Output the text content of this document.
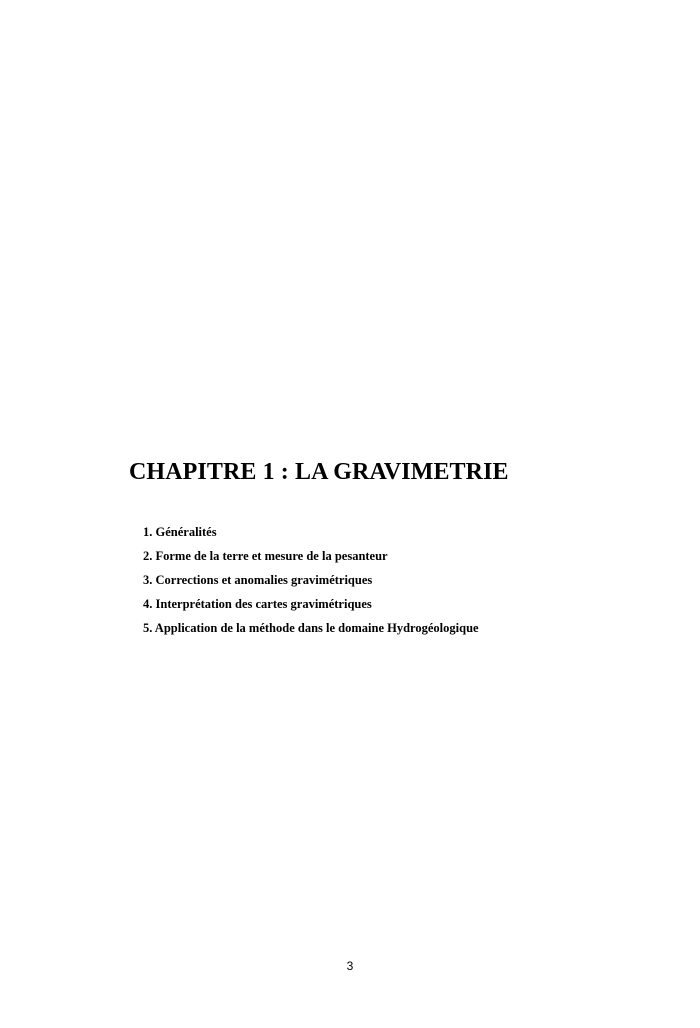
CHAPITRE 1 : LA GRAVIMETRIE
1. Généralités
2. Forme de la terre et mesure de la pesanteur
3. Corrections et anomalies gravimétriques
4. Interprétation des cartes gravimétriques
5. Application de la méthode dans le domaine Hydrogéologique
3
